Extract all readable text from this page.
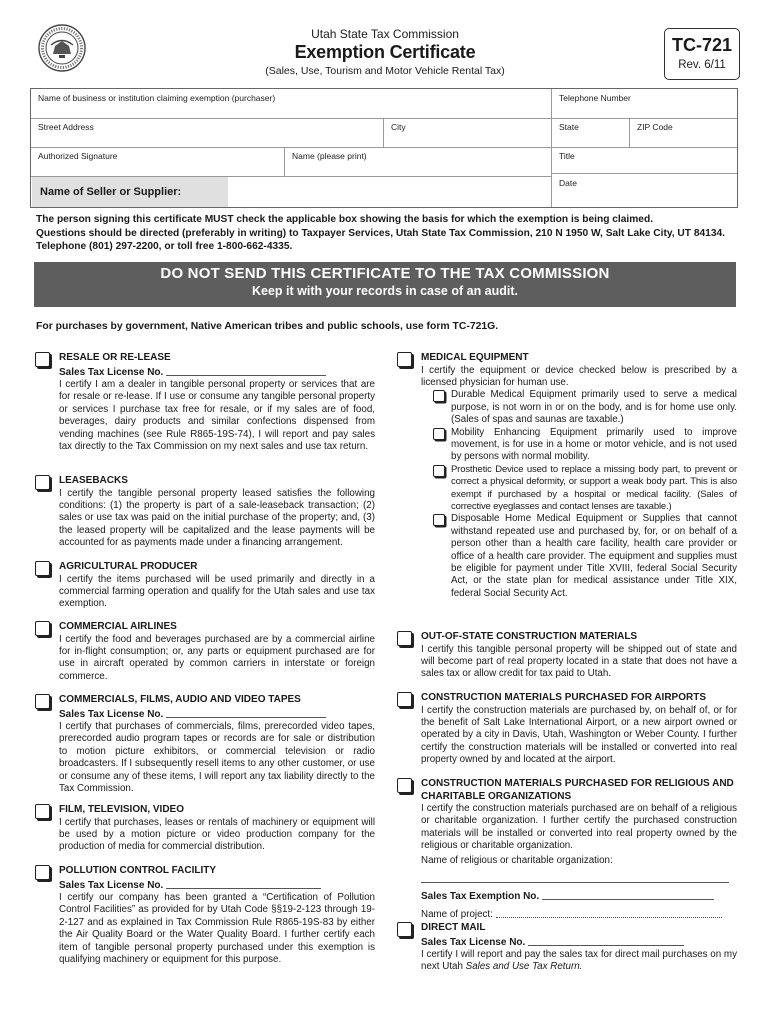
Utah State Tax Commission
Exemption Certificate
(Sales, Use, Tourism and Motor Vehicle Rental Tax)
TC-721
Rev. 6/11
Name of business or institution claiming exemption (purchaser)	Telephone Number
Street Address	City	State	ZIP Code
Authorized Signature	Name (please print)	Title
Name of Seller or Supplier:
Date
The person signing this certificate MUST check the applicable box showing the basis for which the exemption is being claimed.
Questions should be directed (preferably in writing) to Taxpayer Services, Utah State Tax Commission, 210 N 1950 W, Salt Lake City, UT 84134.
Telephone (801) 297-2200, or toll free 1-800-662-4335.
DO NOT SEND THIS CERTIFICATE TO THE TAX COMMISSION
Keep it with your records in case of an audit.
For purchases by government, Native American tribes and public schools, use form TC-721G.
RESALE OR RE-LEASE
Sales Tax License No.
I certify I am a dealer in tangible personal property or services that are for resale or re-lease. If I use or consume any tangible personal property or services I purchase tax free for resale, or if my sales are of food, beverages, dairy products and similar confections dispensed from vending machines (see Rule R865-19S-74), I will report and pay sales tax directly to the Tax Commission on my next sales and use tax return.
LEASEBACKS
I certify the tangible personal property leased satisfies the following conditions: (1) the property is part of a sale-leaseback transaction; (2) sales or use tax was paid on the initial purchase of the property; and, (3) the leased property will be capitalized and the lease payments will be accounted for as payments made under a financing arrangement.
AGRICULTURAL PRODUCER
I certify the items purchased will be used primarily and directly in a commercial farming operation and qualify for the Utah sales and use tax exemption.
COMMERCIAL AIRLINES
I certify the food and beverages purchased are by a commercial airline for in-flight consumption; or, any parts or equipment purchased are for use in aircraft operated by common carriers in interstate or foreign commerce.
COMMERCIALS, FILMS, AUDIO AND VIDEO TAPES
Sales Tax License No.
I certify that purchases of commercials, films, prerecorded video tapes, prerecorded audio program tapes or records are for sale or distribution to motion picture exhibitors, or commercial television or radio broadcasters. If I subsequently resell items to any other customer, or use or consume any of these items, I will report any tax liability directly to the Tax Commission.
FILM, TELEVISION, VIDEO
I certify that purchases, leases or rentals of machinery or equipment will be used by a motion picture or video production company for the production of media for commercial distribution.
POLLUTION CONTROL FACILITY
Sales Tax License No.
I certify our company has been granted a “Certification of Pollution Control Facilities” as provided for by Utah Code §§19-2-123 through 19-2-127 and as explained in Tax Commission Rule R865-19S-83 by either the Air Quality Board or the Water Quality Board. I further certify each item of tangible personal property purchased under this exemption is qualifying machinery or equipment for this purpose.
MEDICAL EQUIPMENT
I certify the equipment or device checked below is prescribed by a licensed physician for human use.
Durable Medical Equipment primarily used to serve a medical purpose, is not worn in or on the body, and is for home use only. (Sales of spas and saunas are taxable.)
Mobility Enhancing Equipment primarily used to improve movement, is for use in a home or motor vehicle, and is not used by persons with normal mobility.
Prosthetic Device used to replace a missing body part, to prevent or correct a physical deformity, or support a weak body part. This is also exempt if purchased by a hospital or medical facility. (Sales of corrective eyeglasses and contact lenses are taxable.)
Disposable Home Medical Equipment or Supplies that cannot withstand repeated use and purchased by, for, or on behalf of a person other than a health care facility, health care provider or office of a health care provider. The equipment and supplies must be eligible for payment under Title XVIII, federal Social Security Act, or the state plan for medical assistance under Title XIX, federal Social Security Act.
OUT-OF-STATE CONSTRUCTION MATERIALS
I certify this tangible personal property will be shipped out of state and will become part of real property located in a state that does not have a sales tax or allow credit for tax paid to Utah.
CONSTRUCTION MATERIALS PURCHASED FOR AIRPORTS
I certify the construction materials are purchased by, on behalf of, or for the benefit of Salt Lake International Airport, or a new airport owned or operated by a city in Davis, Utah, Washington or Weber County. I further certify the construction materials will be installed or converted into real property owned by and located at the airport.
CONSTRUCTION MATERIALS PURCHASED FOR RELIGIOUS AND CHARITABLE ORGANIZATIONS
I certify the construction materials purchased are on behalf of a religious or charitable organization. I further certify the purchased construction materials will be installed or converted into real property owned by the religious or charitable organization.
Name of religious or charitable organization:
Sales Tax Exemption No.
Name of project:
DIRECT MAIL
Sales Tax License No.
I certify I will report and pay the sales tax for direct mail purchases on my next Utah Sales and Use Tax Return.
